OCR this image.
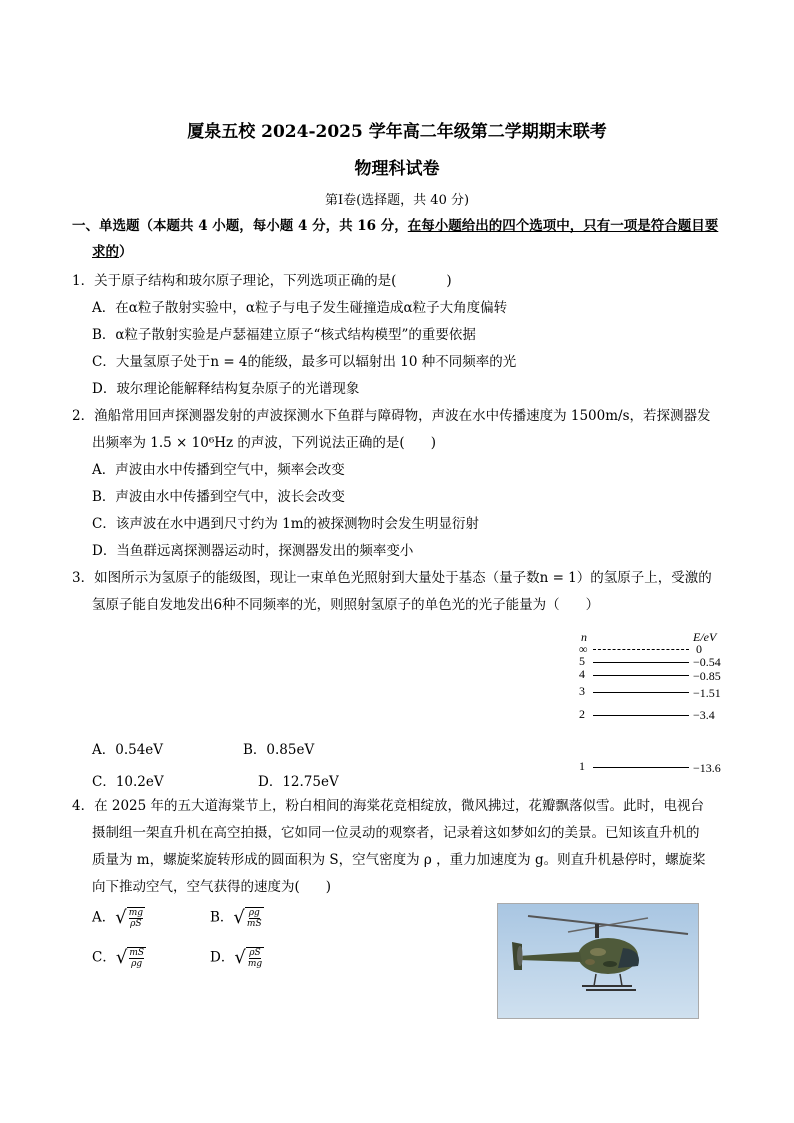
厦泉五校 2024-2025 学年高二年级第二学期期末联考
物理科试卷
第Ⅰ卷(选择题，共 40 分)
一、单选题（本题共 4 小题，每小题 4 分，共 16 分，在每小题给出的四个选项中，只有一项是符合题目要
求的）
1．关于原子结构和玻尔原子理论，下列选项正确的是(	)
A．在α粒子散射实验中，α粒子与电子发生碰撞造成α粒子大角度偏转
B．α粒子散射实验是卢瑟福建立原子“核式结构模型”的重要依据
C．大量氢原子处于n = 4的能级，最多可以辐射出 10 种不同频率的光
D．玻尔理论能解释结构复杂原子的光谱现象
2．渔船常用回声探测器发射的声波探测水下鱼群与障碍物，声波在水中传播速度为 1500m/s，若探测器发
出频率为 1.5 × 10⁶Hz 的声波，下列说法正确的是( )
A．声波由水中传播到空气中，频率会改变
B．声波由水中传播到空气中，波长会改变
C．该声波在水中遇到尺寸约为 1m的被探测物时会发生明显衍射
D．当鱼群远离探测器运动时，探测器发出的频率变小
3．如图所示为氢原子的能级图，现让一束单色光照射到大量处于基态（量子数n = 1）的氢原子上，受激的
氢原子能自发地发出6种不同频率的光，则照射氢原子的单色光的光子能量为（ ）
n	E/eV
∞	0
5	−0.54
4	−0.85
3	−1.51
2	−3.4
1	−13.6
A．0.54eV	B．0.85eV
C．10.2eV	D．12.75eV
4．在 2025 年的五大道海棠节上，粉白相间的海棠花竞相绽放，微风拂过，花瓣飘落似雪。此时，电视台
摄制组一架直升机在高空拍摄，它如同一位灵动的观察者，记录着这如梦如幻的美景。已知该直升机的
质量为 m，螺旋桨旋转形成的圆面积为 S，空气密度为 ρ ，重力加速度为 g。则直升机悬停时，螺旋桨
向下推动空气，空气获得的速度为( )
A． √ $\frac{mg}{\rho S}$	B． √ $\frac{\rho g}{mS}$
C． √ $\frac{mS}{\rho g}$	D． √ $\frac{\rho S}{mg}$
